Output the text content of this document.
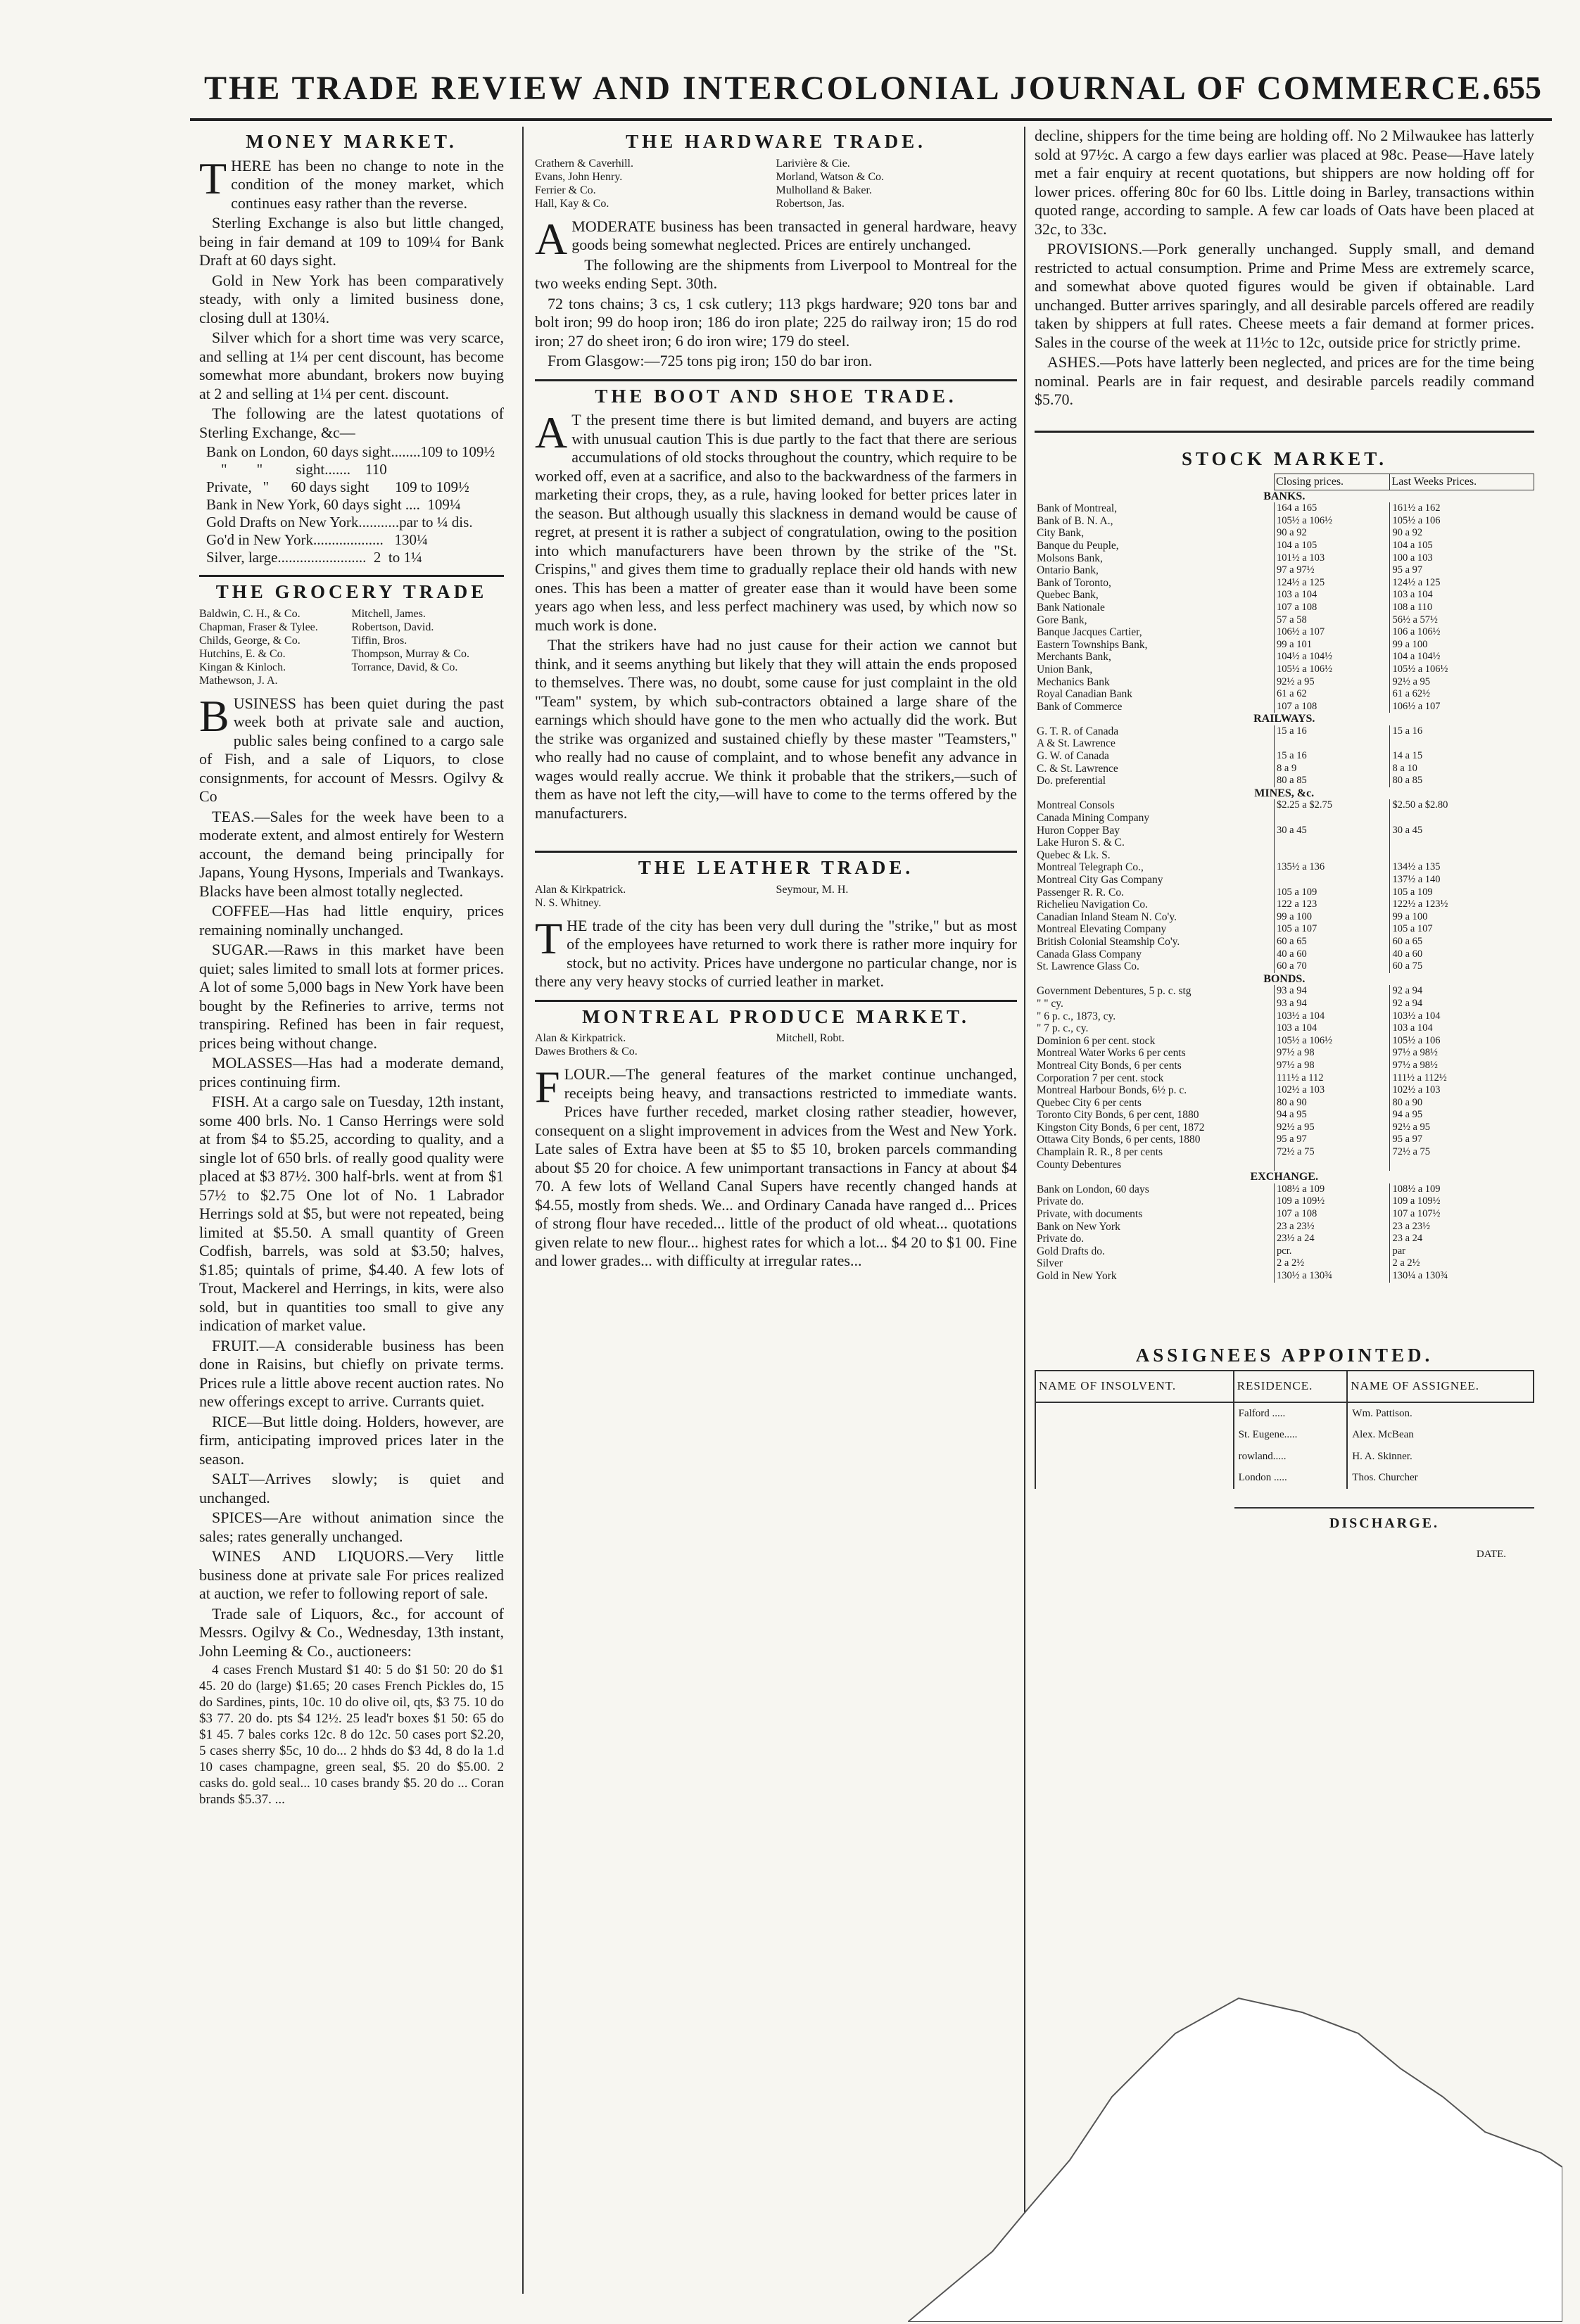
THE TRADE REVIEW AND INTERCOLONIAL JOURNAL OF COMMERCE. 655
MONEY MARKET.

THERE has been no change to note in the condition of the money market, which continues easy rather than the reverse.

Sterling Exchange is also but little changed, being in fair demand at 109 to 109¼ for Bank Draft at 60 days sight.

Gold in New York has been comparatively steady, with only a limited business done, closing dull at 130¼.

Silver which for a short time was very scarce, and selling at 1¼ per cent discount, has become somewhat more abundant, brokers now buying at 2 and selling at 1¼ per cent. discount.

The following are the latest quotations of Sterling Exchange, &c—

Bank on London, 60 days sight........109 to 109½
"        "         sight.......    110
Private,   "      60 days sight       109 to 109½
Bank in New York, 60 days sight ....  109¼
Gold Drafts on New York...........par to ¼ dis.
Go'd in New York...................   130¼
Silver, large........................  2  to 1¼
THE GROCERY TRADE
Baldwin, C. H., & Co.	Mitchell, James.
Chapman, Fraser & Tylee.	Robertson, David.
Childs, George, & Co.	Tiffin, Bros.
Hutchins, E. & Co.	Thompson, Murray & Co.
Kingan & Kinloch.	Torrance, David, & Co.
Mathewson, J. A.

BUSINESS has been quiet during the past week both at private sale and auction, public sales being confined to a cargo sale of Fish, and a sale of Liquors, to close consignments, for account of Messrs. Ogilvy & Co

TEAS.—Sales for the week have been to a moderate extent, and almost entirely for Western account, the demand being principally for Japans, Young Hysons, Imperials and Twankays. Blacks have been almost totally neglected.

COFFEE—Has had little enquiry, prices remaining nominally unchanged.

SUGAR.—Raws in this market have been quiet; sales limited to small lots at former prices. A lot of some 5,000 bags in New York have been bought by the Refineries to arrive, terms not transpiring. Refined has been in fair request, prices being without change.

MOLASSES—Has had a moderate demand, prices continuing firm.

FISH. At a cargo sale on Tuesday, 12th instant, some 400 brls. No. 1 Canso Herrings were sold at from $4 to $5.25, according to quality, and a single lot of 650 brls. of really good quality were placed at $3 87½. 300 half-brls. went at from $1 57½ to $2.75 One lot of No. 1 Labrador Herrings sold at $5, but were not repeated, being limited at $5.50. A small quantity of Green Codfish, barrels, was sold at $3.50; halves, $1.85; quintals of prime, $4.40. A few lots of Trout, Mackerel and Herrings, in kits, were also sold, but in quantities too small to give any indication of market value.

FRUIT.—A considerable business has been done in Raisins, but chiefly on private terms. Prices rule a little above recent auction rates. No new offerings except to arrive. Currants quiet.

RICE—But little doing. Holders, however, are firm, anticipating improved prices later in the season.

SALT—Arrives slowly; is quiet and unchanged.

SPICES—Are without animation since the sales; rates generally unchanged.

WINES AND LIQUORS.—Very little business done at private sale For prices realized at auction, we refer to following report of sale.

Trade sale of Liquors, &c., for account of Messrs. Ogilvy & Co., Wednesday, 13th instant, John Leeming & Co., auctioneers:

4 cases French Mustard $1 40: 5 do $1 50: 20 do $1 45. 20 do (large) $1.65; 20 cases French Pickles do, 15 do Sardines, pints, 10c. 10 do olive oil, qts, $3 75. 10 do $3 77. 20 do. pts $4 12½. 25 lead'r boxes $1 50: 65 do $1 45. 7 bales corks 12c. 8 do 12c. 50 cases port $2.20, 5 cases sherry $5c, 10 do... 2 hhds do $3 4d, 8 do la 1.d 10 cases champagne, green seal, $5. 20 do $5.00. 2 casks do. gold seal... 10 cases brandy $5. 20 do ... Coran brands $5.37. ...

THE HARDWARE TRADE.
Crathern & Caverhill.	Larivière & Cie.
Evans, John Henry.	Morland, Watson & Co.
Ferrier & Co.	Mulholland & Baker.
Hall, Kay & Co.	Robertson, Jas.

AMODERATE business has been transacted in general hardware, heavy goods being somewhat neglected. Prices are entirely unchanged.

The following are the shipments from Liverpool to Montreal for the two weeks ending Sept. 30th.

72 tons chains; 3 cs, 1 csk cutlery; 113 pkgs hardware; 920 tons bar and bolt iron; 99 do hoop iron; 186 do iron plate; 225 do railway iron; 15 do rod iron; 27 do sheet iron; 6 do iron wire; 179 do steel.

From Glasgow:—725 tons pig iron; 150 do bar iron.

THE BOOT AND SHOE TRADE.

A T the present time there is but limited demand, and buyers are acting with unusual caution This is due partly to the fact that there are serious accumulations of old stocks throughout the country, which require to be worked off, even at a sacrifice, and also to the backwardness of the farmers in marketing their crops, they, as a rule, having looked for better prices later in the season. But although usually this slackness in demand would be cause of regret, at present it is rather a subject of congratulation, owing to the position into which manufacturers have been thrown by the strike of the "St. Crispins," and gives them time to gradually replace their old hands with new ones. This has been a matter of greater ease than it would have been some years ago when less, and less perfect machinery was used, by which now so much work is done.

That the strikers have had no just cause for their action we cannot but think, and it seems anything but likely that they will attain the ends proposed to themselves. There was, no doubt, some cause for just complaint in the old "Team" system, by which sub-contractors obtained a large share of the earnings which should have gone to the men who actually did the work. But the strike was organized and sustained chiefly by these master "Teamsters," who really had no cause of complaint, and to whose benefit any advance in wages would really accrue. We think it probable that the strikers,—such of them as have not left the city,—will have to come to the terms offered by the manufacturers.

THE LEATHER TRADE.
Alan & Kirkpatrick.	Seymour, M. H.
N. S. Whitney.

THE trade of the city has been very dull during the "strike," but as most of the employees have returned to work there is rather more inquiry for stock, but no activity. Prices have undergone no particular change, nor is there any very heavy stocks of curried leather in market.

MONTREAL PRODUCE MARKET.
Alan & Kirkpatrick.	Mitchell, Robt.
Dawes Brothers & Co.

FLOUR.—The general features of the market continue unchanged, receipts being heavy, and transactions restricted to immediate wants. Prices have further receded, market closing rather steadier, however, consequent on a slight improvement in advices from the West and New York. Late sales of Extra have been at $5 to $5 10, broken parcels commanding about $5 20 for choice. A few unimportant transactions in Fancy at about $4 70. A few lots of Welland Canal Supers have recently changed hands at $4.55, mostly from sheds. We... and Ordinary Canada have ranged d... Prices of strong flour have receded... little of the product of old wheat... quotations given relate to new flour... highest rates for which a lot... $4 20 to $1 00. Fine and lower grades... with difficulty at irregular rates...

decline, shippers for the time being are holding off. No 2 Milwaukee has latterly sold at 97½c. A cargo a few days earlier was placed at 98c. Pease—Have lately met a fair enquiry at recent quotations, but shippers are now holding off for lower prices. offering 80c for 60 lbs. Little doing in Barley, transactions within quoted range, according to sample. A few car loads of Oats have been placed at 32c, to 33c.

PROVISIONS.—Pork generally unchanged. Supply small, and demand restricted to actual consumption. Prime and Prime Mess are extremely scarce, and somewhat above quoted figures would be given if obtainable. Lard unchanged. Butter arrives sparingly, and all desirable parcels offered are readily taken by shippers at full rates. Cheese meets a fair demand at former prices. Sales in the course of the week at 11½c to 12c, outside price for strictly prime.

ASHES.—Pots have latterly been neglected, and prices are for the time being nominal. Pearls are in fair request, and desirable parcels readily command $5.70.

STOCK MARKET.
	Closing prices.	Last Weeks Prices.
BANKS.		
Bank of Montreal,	164 a 165	161½ a 162
Bank of B. N. A.,	105½ a 106½	105½ a 106
City Bank,	90 a 92	90 a 92
Banque du Peuple,	104 a 105	104 a 105
Molsons Bank,	101½ a 103	100 a 103
Ontario Bank,	97 a 97½	95 a 97
Bank of Toronto,	124½ a 125	124½ a 125
Quebec Bank,	103 a 104	103 a 104
Bank Nationale	107 a 108	108 a 110
Gore Bank,	57 a 58	56½ a 57½
Banque Jacques Cartier,	106½ a 107	106 a 106½
Eastern Townships Bank,	99 a 101	99 a 100
Merchants Bank,	104½ a 104½	104 a 104½
Union Bank,	105½ a 106½	105½ a 106½
Mechanics Bank	92½ a 95	92½ a 95
Royal Canadian Bank	61 a 62	61 a 62½
Bank of Commerce	107 a 108	106½ a 107
RAILWAYS.		
G. T. R. of Canada	15 a 16	15 a 16
A & St. Lawrence		
G. W. of Canada	15 a 16	14 a 15
C. & St. Lawrence	8 a 9	8 a 10
Do. preferential	80 a 85	80 a 85
MINES, &c.		
Montreal Consols	$2.25 a $2.75	$2.50 a $2.80
Canada Mining Company		
Huron Copper Bay	30 a 45	30 a 45
Lake Huron S. & C.		
Quebec & Lk. S.		
Montreal Telegraph Co.,	135½ a 136	134½ a 135
Montreal City Gas Company		137½ a 140
Passenger R. R. Co.	105 a 109	105 a 109
Richelieu Navigation Co.	122 a 123	122½ a 123½
Canadian Inland Steam N. Co'y.	99 a 100	99 a 100
Montreal Elevating Company	105 a 107	105 a 107
British Colonial Steamship Co'y.	60 a 65	60 a 65
Canada Glass Company	40 a 60	40 a 60
St. Lawrence Glass Co.	60 a 70	60 a 75
BONDS.		
Government Debentures, 5 p. c. stg	93 a 94	92 a 94
" " cy.	93 a 94	92 a 94
" 6 p. c., 1873, cy.	103½ a 104	103½ a 104
" 7 p. c., cy.	103 a 104	103 a 104
Dominion 6 per cent. stock	105½ a 106½	105½ a 106
Montreal Water Works 6 per cents	97½ a 98	97½ a 98½
Montreal City Bonds, 6 per cents	97½ a 98	97½ a 98½
Corporation 7 per cent. stock	111½ a 112	111½ a 112½
Montreal Harbour Bonds, 6½ p. c.	102½ a 103	102½ a 103
Quebec City 6 per cents	80 a 90	80 a 90
Toronto City Bonds, 6 per cent, 1880	94 a 95	94 a 95
Kingston City Bonds, 6 per cent, 1872	92½ a 95	92½ a 95
Ottawa City Bonds, 6 per cents, 1880	95 a 97	95 a 97
Champlain R. R., 8 per cents	72½ a 75	72½ a 75
County Debentures		
EXCHANGE.		
Bank on London, 60 days	108½ a 109	108½ a 109
Private do.	109 a 109½	109 a 109½
Private, with documents	107 a 108	107 a 107½
Bank on New York	23 a 23½	23 a 23½
Private do.	23½ a 24	23 a 24
Gold Drafts do.	pcr.	par
Silver	2 a 2½	2 a 2½
Gold in New York	130½ a 130¾	130¼ a 130¾
ASSIGNEES APPOINTED.
NAME OF INSOLVENT.	RESIDENCE.	NAME OF ASSIGNEE.
	Falford .....	Wm. Pattison.
	St. Eugene.....	Alex. McBean
	rowland.....	H. A. Skinner.
	London .....	Thos. Churcher
DISCHARGE.
DATE.
